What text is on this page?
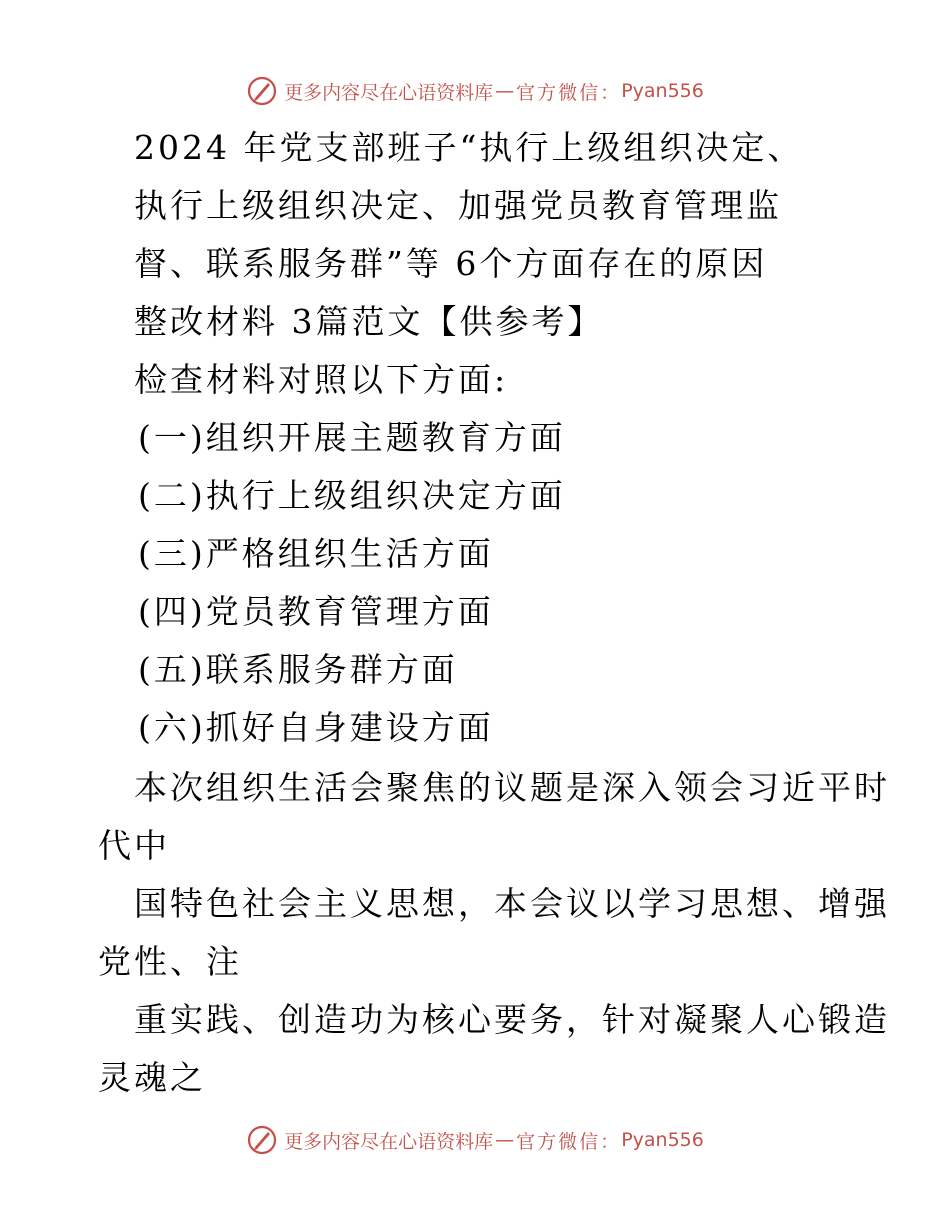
更多内容尽在心语资料库 — 官方微信： Pyan556
2024 年党支部班子“执行上级组织决定、
执行上级组织决定、加强党员教育管理监
督、联系服务群”等 6个方面存在的原因
整改材料 3篇范文【供参考】
检查材料对照以下方面:
(一)组织开展主题教育方面
(二)执行上级组织决定方面
(三)严格组织生活方面
(四)党员教育管理方面
(五)联系服务群方面
(六)抓好自身建设方面
本次组织生活会聚焦的议题是深入领会习近平时
代中
国特色社会主义思想，本会议以学习思想、增强
党性、注
重实践、创造功为核心要务，针对凝聚人心锻造
灵魂之
更多内容尽在心语资料库 — 官方微信： Pyan556
